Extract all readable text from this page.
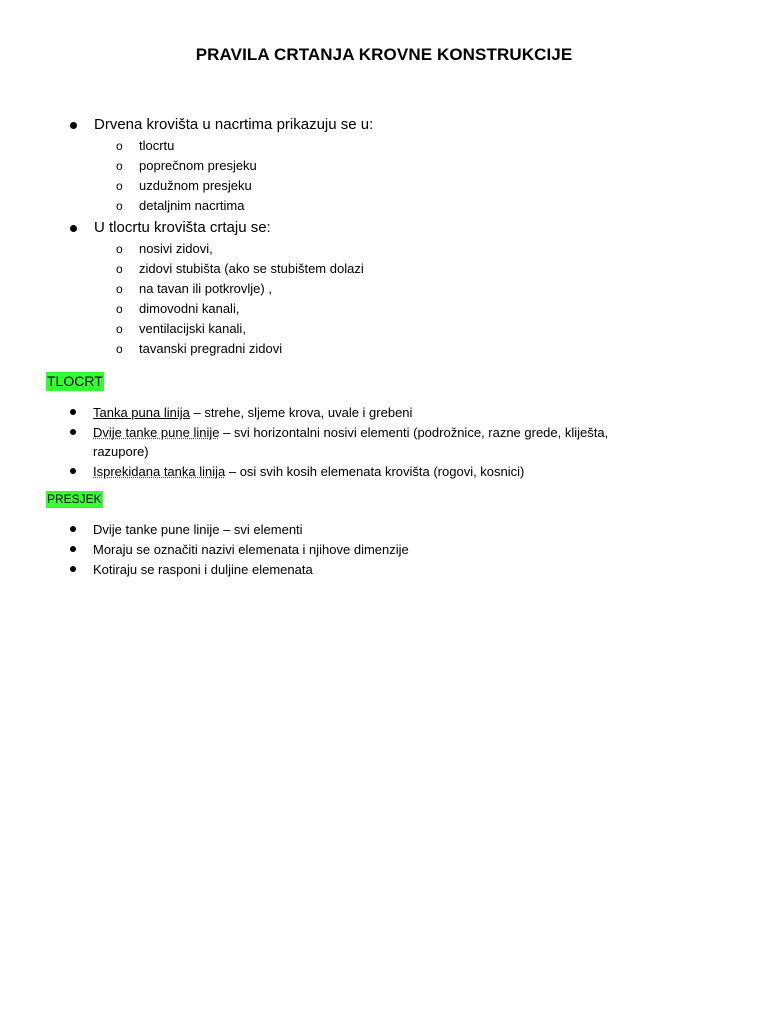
PRAVILA CRTANJA KROVNE KONSTRUKCIJE
Drvena krovišta u nacrtima prikazuju se u:
o tlocrtu
o poprečnom presjeku
o uzdužnom presjeku
o detaljnim nacrtima
U tlocrtu krovišta crtaju se:
o nosivi zidovi,
o zidovi stubišta (ako se stubištem dolazi
o na tavan ili potkrovlje) ,
o dimovodni kanali,
o ventilacijski kanali,
o tavanski pregradni zidovi
TLOCRT
Tanka puna linija – strehe, sljeme krova, uvale i grebeni
Dvije tanke pune linije – svi horizontalni nosivi elementi (podrožnice, razne grede, kliješta,
razupore)
Isprekidana tanka linija – osi svih kosih elemenata krovišta (rogovi, kosnici)
PRESJEK
Dvije tanke pune linije – svi elementi
Moraju se označiti nazivi elemenata i njihove dimenzije
Kotiraju se rasponi i duljine elemenata
